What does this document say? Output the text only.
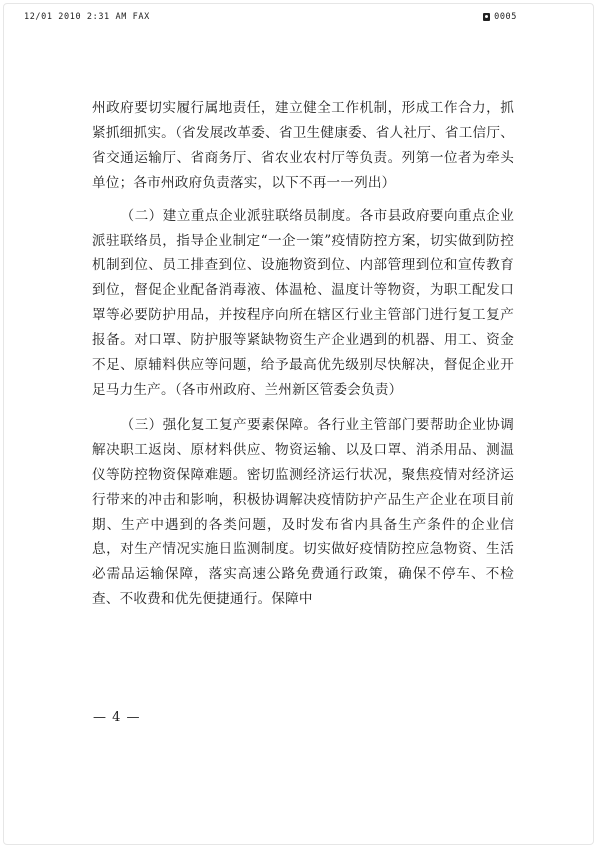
12/01 2010 2:31 AM FAX	0005

州政府要切实履行属地责任，建立健全工作机制，形成工作合力，抓紧抓细抓实。（省发展改革委、省卫生健康委、省人社厅、省工信厅、省交通运输厅、省商务厅、省农业农村厅等负责。列第一位者为牵头单位；各市州政府负责落实，以下不再一一列出）

（二）建立重点企业派驻联络员制度。各市县政府要向重点企业派驻联络员，指导企业制定“一企一策”疫情防控方案，切实做到防控机制到位、员工排查到位、设施物资到位、内部管理到位和宣传教育到位，督促企业配备消毒液、体温枪、温度计等物资，为职工配发口罩等必要防护用品，并按程序向所在辖区行业主管部门进行复工复产报备。对口罩、防护服等紧缺物资生产企业遇到的机器、用工、资金不足、原辅料供应等问题，给予最高优先级别尽快解决，督促企业开足马力生产。（各市州政府、兰州新区管委会负责）

（三）强化复工复产要素保障。各行业主管部门要帮助企业协调解决职工返岗、原材料供应、物资运输、以及口罩、消杀用品、测温仪等防控物资保障难题。密切监测经济运行状况，聚焦疫情对经济运行带来的冲击和影响，积极协调解决疫情防护产品生产企业在项目前期、生产中遇到的各类问题，及时发布省内具备生产条件的企业信息，对生产情况实施日监测制度。切实做好疫情防控应急物资、生活必需品运输保障，落实高速公路免费通行政策，确保不停车、不检查、不收费和优先便捷通行。保障中

— 4 —
